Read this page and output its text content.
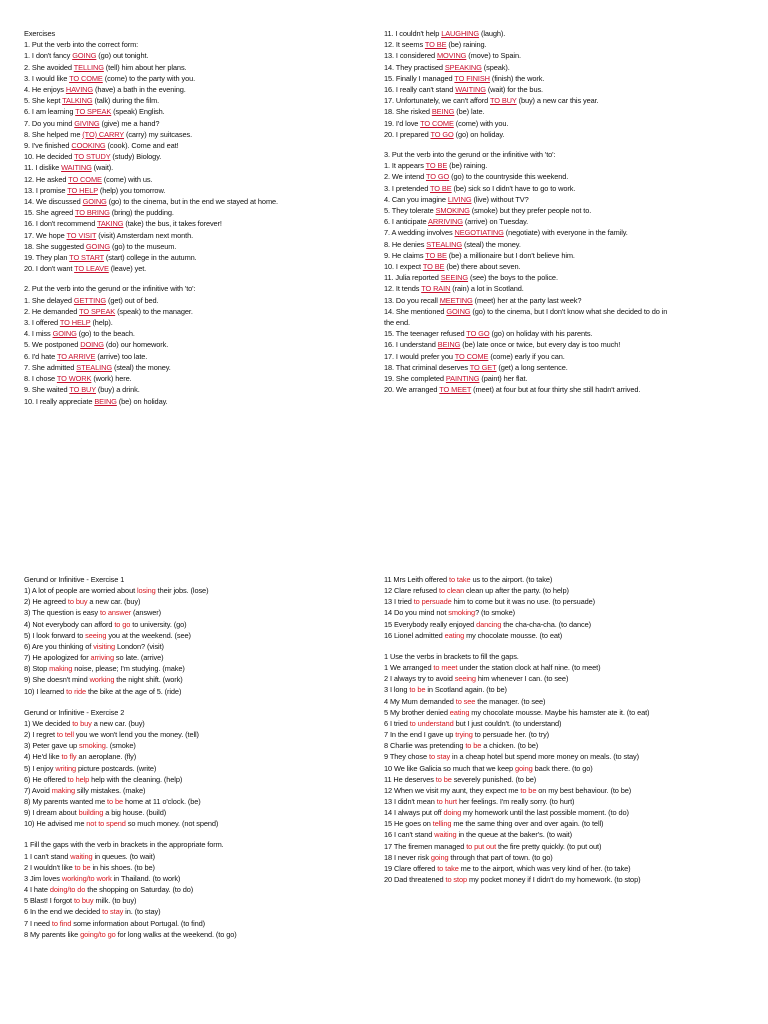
Exercises
1. Put the verb into the correct form:
1. I don't fancy GOING (go) out tonight.
2. She avoided TELLING (tell) him about her plans.
3. I would like TO COME (come) to the party with you.
4. He enjoys HAVING (have) a bath in the evening.
5. She kept TALKING (talk) during the film.
6. I am learning TO SPEAK (speak) English.
7. Do you mind GIVING (give) me a hand?
8. She helped me (TO) CARRY (carry) my suitcases.
9. I've finished COOKING (cook). Come and eat!
10. He decided TO STUDY (study) Biology.
11. I dislike WAITING (wait).
12. He asked TO COME (come) with us.
13. I promise TO HELP (help) you tomorrow.
14. We discussed GOING (go) to the cinema, but in the end we stayed at home.
15. She agreed TO BRING (bring) the pudding.
16. I don't recommend TAKING (take) the bus, it takes forever!
17. We hope TO VISIT (visit) Amsterdam next month.
18. She suggested GOING (go) to the museum.
19. They plan TO START (start) college in the autumn.
20. I don't want TO LEAVE (leave) yet.
2. Put the verb into the gerund or the infinitive with 'to':
1. She delayed GETTING (get) out of bed.
2. He demanded TO SPEAK (speak) to the manager.
3. I offered TO HELP (help).
4. I miss GOING (go) to the beach.
5. We postponed DOING (do) our homework.
6. I'd hate TO ARRIVE (arrive) too late.
7. She admitted STEALING (steal) the money.
8. I chose TO WORK (work) here.
9. She waited TO BUY (buy) a drink.
10. I really appreciate BEING (be) on holiday.
11. I couldn't help LAUGHING (laugh).
12. It seems TO BE (be) raining.
13. I considered MOVING (move) to Spain.
14. They practised SPEAKING (speak).
15. Finally I managed TO FINISH (finish) the work.
16. I really can't stand WAITING (wait) for the bus.
17. Unfortunately, we can't afford TO BUY (buy) a new car this year.
18. She risked BEING (be) late.
19. I'd love TO COME (come) with you.
20. I prepared TO GO (go) on holiday.
3. Put the verb into the gerund or the infinitive with 'to':
1. It appears TO BE (be) raining.
2. We intend TO GO (go) to the countryside this weekend.
3. I pretended TO BE (be) sick so I didn't have to go to work.
4. Can you imagine LIVING (live) without TV?
5. They tolerate SMOKING (smoke) but they prefer people not to.
6. I anticipate ARRIVING (arrive) on Tuesday.
7. A wedding involves NEGOTIATING (negotiate) with everyone in the family.
8. He denies STEALING (steal) the money.
9. He claims TO BE (be) a millionaire but I don't believe him.
10. I expect TO BE (be) there about seven.
11. Julia reported SEEING (see) the boys to the police.
12. It tends TO RAIN (rain) a lot in Scotland.
13. Do you recall MEETING (meet) her at the party last week?
14. She mentioned GOING (go) to the cinema, but I don't know what she decided to do in
the end.
15. The teenager refused TO GO (go) on holiday with his parents.
16. I understand BEING (be) late once or twice, but every day is too much!
17. I would prefer you TO COME (come) early if you can.
18. That criminal deserves TO GET (get) a long sentence.
19. She completed PAINTING (paint) her flat.
20. We arranged TO MEET (meet) at four but at four thirty she still hadn't arrived.
Gerund or Infinitive - Exercise 1
1) A lot of people are worried about losing their jobs. (lose)
2) He agreed to buy a new car. (buy)
3) The question is easy to answer (answer)
4) Not everybody can afford to go to university. (go)
5) I look forward to seeing you at the weekend. (see)
6) Are you thinking of visiting London? (visit)
7) He apologized for arriving so late. (arrive)
8) Stop making noise, please; I'm studying. (make)
9) She doesn't mind working the night shift. (work)
10) I learned to ride the bike at the age of 5. (ride)
Gerund or Infinitive - Exercise 2
1) We decided to buy a new car. (buy)
2) I regret to tell you we won't lend you the money. (tell)
3) Peter gave up smoking. (smoke)
4) He'd like to fly an aeroplane. (fly)
5) I enjoy writing picture postcards. (write)
6) He offered to help help with the cleaning. (help)
7) Avoid making silly mistakes. (make)
8) My parents wanted me to be home at 11 o'clock. (be)
9) I dream about building a big house. (build)
10) He advised me not to spend so much money. (not spend)
1 Fill the gaps with the verb in brackets in the appropriate form.
1 I can't stand waiting in queues. (to wait)
2 I wouldn't like to be in his shoes. (to be)
3 Jim loves working/to work in Thailand. (to work)
4 I hate doing/to do the shopping on Saturday. (to do)
5 Blast! I forgot to buy milk. (to buy)
6 In the end we decided to stay in. (to stay)
7 I need to find some information about Portugal. (to find)
8 My parents like going/to go for long walks at the weekend. (to go)
11 Mrs Leith offered to take us to the airport. (to take)
12 Clare refused to clean clean up after the party. (to help)
13 I tried to persuade him to come but it was no use. (to persuade)
14 Do you mind not smoking? (to smoke)
15 Everybody really enjoyed dancing the cha-cha-cha. (to dance)
16 Lionel admitted eating my chocolate mousse. (to eat)
1 Use the verbs in brackets to fill the gaps.
1 We arranged to meet under the station clock at half nine. (to meet)
2 I always try to avoid seeing him whenever I can. (to see)
3 I long to be in Scotland again. (to be)
4 My Mum demanded to see the manager. (to see)
5 My brother denied eating my chocolate mousse. Maybe his hamster ate it. (to eat)
6 I tried to understand but I just couldn't. (to understand)
7 In the end I gave up trying to persuade her. (to try)
8 Charlie was pretending to be a chicken. (to be)
9 They chose to stay in a cheap hotel but spend more money on meals. (to stay)
10 We like Galicia so much that we keep going back there. (to go)
11 He deserves to be severely punished. (to be)
12 When we visit my aunt, they expect me to be on my best behaviour. (to be)
13 I didn't mean to hurt her feelings. I'm really sorry. (to hurt)
14 I always put off doing my homework until the last possible moment. (to do)
15 He goes on telling me the same thing over and over again. (to tell)
16 I can't stand waiting in the queue at the baker's. (to wait)
17 The firemen managed to put out the fire pretty quickly. (to put out)
18 I never risk going through that part of town. (to go)
19 Clare offered to take me to the airport, which was very kind of her. (to take)
20 Dad threatened to stop my pocket money if I didn't do my homework. (to stop)
